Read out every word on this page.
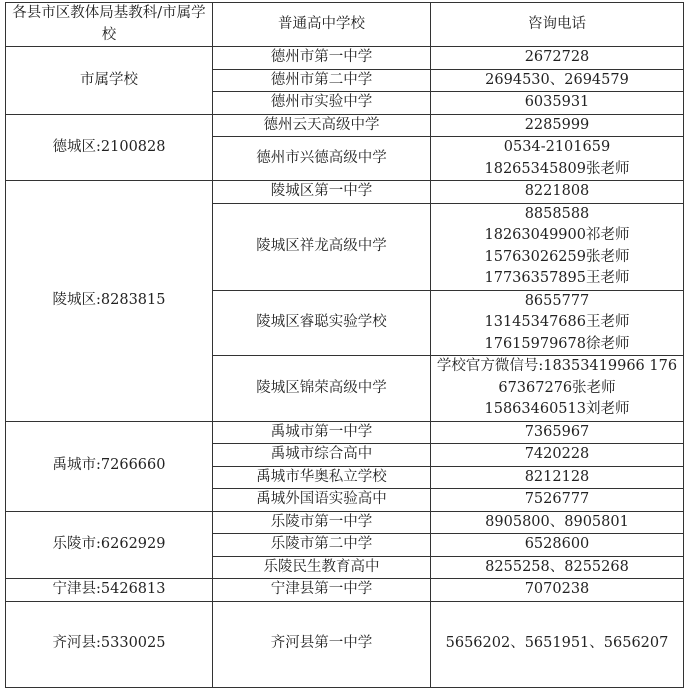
各县市区教体局基教科/市属学校	普通高中学校	咨询电话
市属学校	德州市第一中学	2672728
	德州市第二中学	2694530、2694579
	德州市实验中学	6035931
德城区:2100828	德州云天高级中学	2285999
	德州市兴德高级中学	0534-2101659
18265345809张老师

陵城区:8283815	陵城区第一中学	8221808
	陵城区祥龙高级中学	8858588
18263049900祁老师
15763026259张老师
17736357895王老师

	陵城区睿聪实验学校	8655777
13145347686王老师
17615979678徐老师

	陵城区锦荣高级中学	学校官方微信号:18353419966 17667367276张老师
15863460513刘老师

禹城市:7266660	禹城市第一中学	7365967
	禹城市综合高中	7420228
	禹城市华奥私立学校	8212128
	禹城外国语实验高中	7526777
乐陵市:6262929	乐陵市第一中学	8905800、8905801
	乐陵市第二中学	6528600
	乐陵民生教育高中	8255258、8255268
宁津县:5426813	宁津县第一中学	7070238
齐河县:5330025	齐河县第一中学	5656202、5651951、5656207
